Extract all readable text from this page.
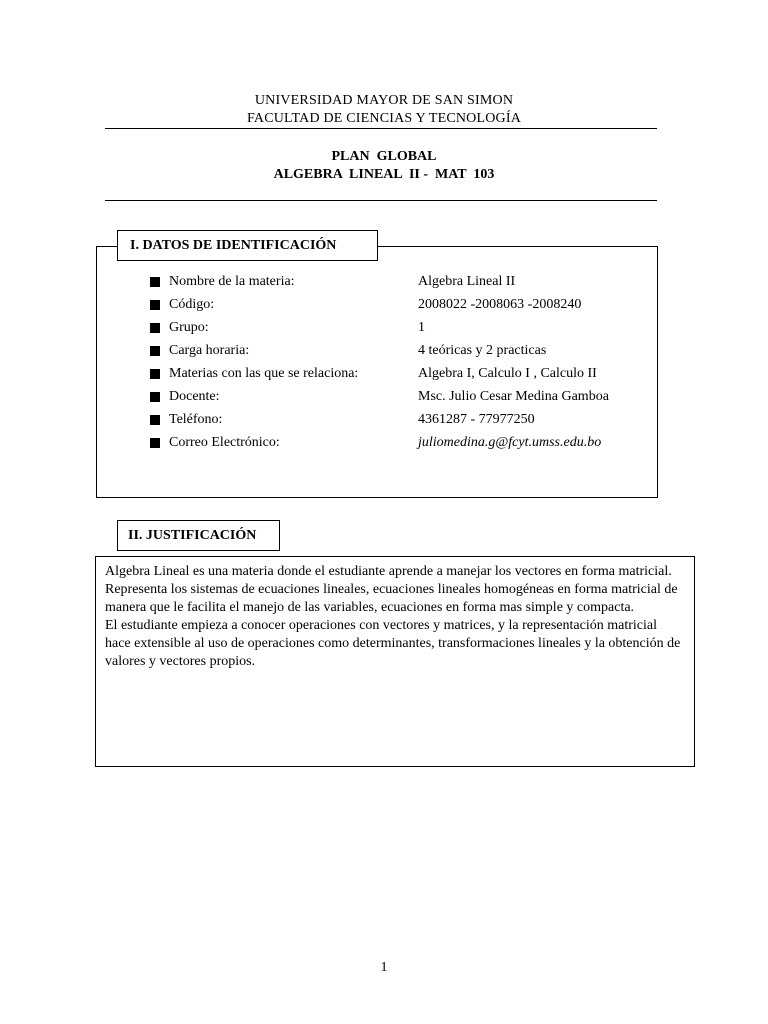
UNIVERSIDAD MAYOR DE SAN SIMON
FACULTAD DE CIENCIAS Y TECNOLOGÍA
PLAN  GLOBAL
ALGEBRA  LINEAL  II -  MAT  103
I. DATOS DE IDENTIFICACIÓN
Nombre de la materia:	Algebra Lineal II
Código:	2008022 -2008063 -2008240
Grupo:	1
Carga horaria:	4 teóricas y 2 practicas
Materias con las que se relaciona:	Algebra I, Calculo I , Calculo II
Docente:	Msc. Julio Cesar Medina Gamboa
Teléfono:	4361287 - 77977250
Correo Electrónico:	juliomedina.g@fcyt.umss.edu.bo
II. JUSTIFICACIÓN

Algebra Lineal es una materia donde el estudiante aprende a manejar los vectores en forma matricial.

Representa los sistemas de ecuaciones lineales, ecuaciones lineales homogéneas en forma matricial de manera que le facilita el manejo de las variables, ecuaciones en forma mas simple y compacta.

El estudiante empieza a conocer operaciones con vectores y matrices, y la representación matricial hace extensible al uso de operaciones como determinantes, transformaciones lineales y la obtención de valores y vectores propios.

1
